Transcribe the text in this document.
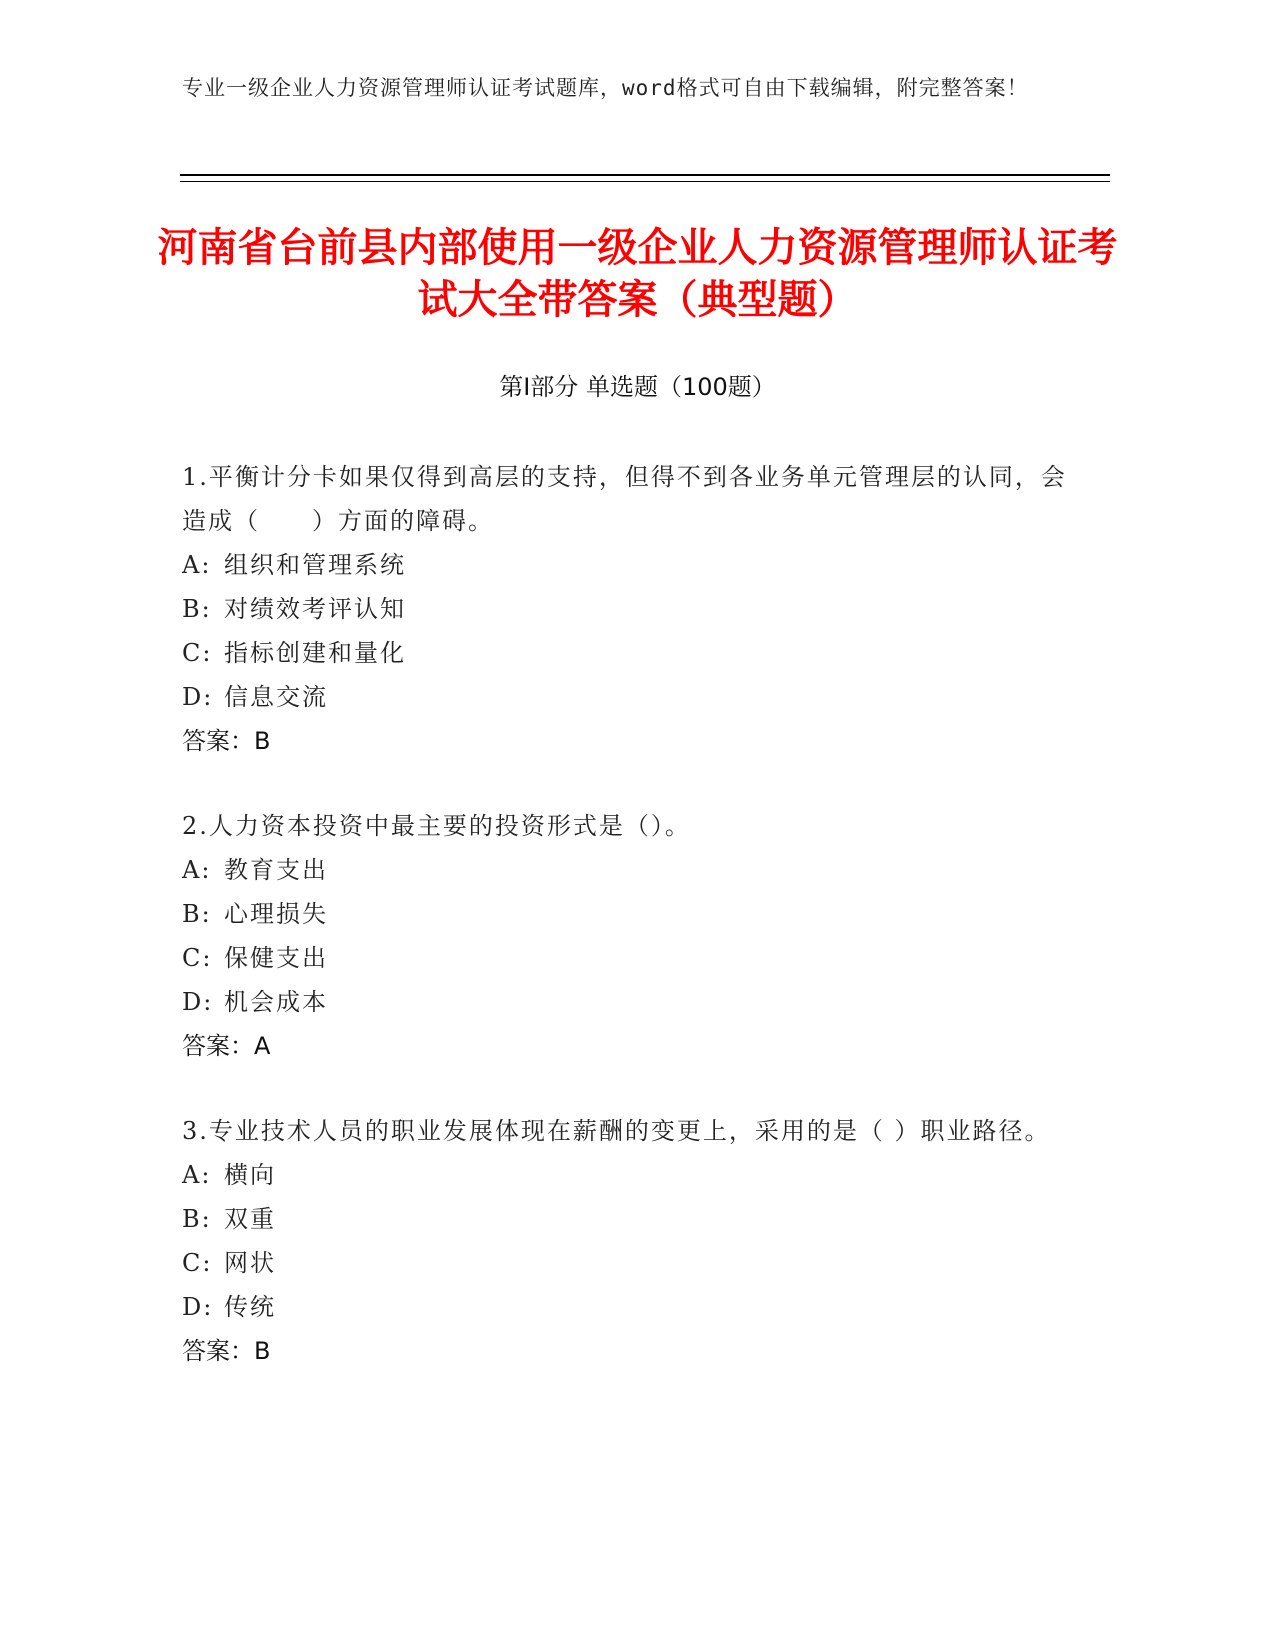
专业一级企业人力资源管理师认证考试题库，word格式可自由下载编辑，附完整答案！
河南省台前县内部使用一级企业人力资源管理师认证考试大全带答案（典型题）
第Ⅰ部分 单选题（100题）
1.平衡计分卡如果仅得到高层的支持，但得不到各业务单元管理层的认同，会造成（　　）方面的障碍。
A: 组织和管理系统
B: 对绩效考评认知
C: 指标创建和量化
D: 信息交流
答案：B
2.人力资本投资中最主要的投资形式是（）。
A: 教育支出
B: 心理损失
C: 保健支出
D: 机会成本
答案：A
3.专业技术人员的职业发展体现在薪酬的变更上，采用的是（ ）职业路径。
A: 横向
B: 双重
C: 网状
D: 传统
答案：B
